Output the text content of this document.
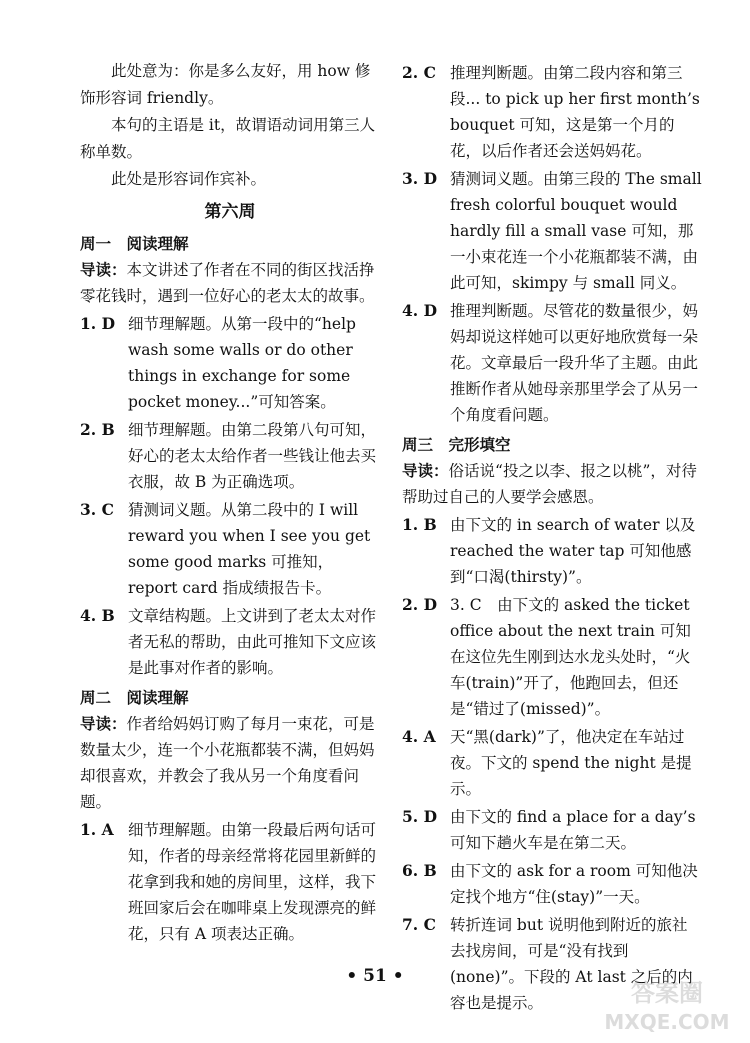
此处意为：你是多么友好，用 how 修饰形容词 friendly。

本句的主语是 it，故谓语动词用第三人称单数。

此处是形容词作宾补。

第六周
周一　阅读理解

导读：本文讲述了作者在不同的街区找活挣零花钱时，遇到一位好心的老太太的故事。

1. D 细节理解题。从第一段中的“help wash some walls or do other things in exchange for some pocket money...”可知答案。
2. B 细节理解题。由第二段第八句可知，好心的老太太给作者一些钱让他去买衣服，故 B 为正确选项。
3. C 猜测词义题。从第二段中的 I will reward you when I see you get some good marks 可推知，report card 指成绩报告卡。
4. B 文章结构题。上文讲到了老太太对作者无私的帮助，由此可推知下文应该是此事对作者的影响。
周二　阅读理解

导读：作者给妈妈订购了每月一束花，可是数量太少，连一个小花瓶都装不满，但妈妈却很喜欢，并教会了我从另一个角度看问题。

1. A 细节理解题。由第一段最后两句话可知，作者的母亲经常将花园里新鲜的花拿到我和她的房间里，这样，我下班回家后会在咖啡桌上发现漂亮的鲜花，只有 A 项表达正确。
2. C 推理判断题。由第二段内容和第三段... to pick up her first month’s bouquet 可知，这是第一个月的花，以后作者还会送妈妈花。
3. D 猜测词义题。由第三段的 The small fresh colorful bouquet would hardly fill a small vase 可知，那一小束花连一个小花瓶都装不满，由此可知，skimpy 与 small 同义。
4. D 推理判断题。尽管花的数量很少，妈妈却说这样她可以更好地欣赏每一朵花。文章最后一段升华了主题。由此推断作者从她母亲那里学会了从另一个角度看问题。
周三　完形填空

导读：俗话说“投之以李、报之以桃”，对待帮助过自己的人要学会感恩。

1. B 由下文的 in search of water 以及 reached the water tap 可知他感到“口渴(thirsty)”。
2. D 3. C　由下文的 asked the ticket office about the next train 可知在这位先生刚到达水龙头处时，“火车(train)”开了，他跑回去，但还是“错过了(missed)”。
4. A 天“黑(dark)”了，他决定在车站过夜。下文的 spend the night 是提示。
5. D 由下文的 find a place for a day’s 可知下趟火车是在第二天。
6. B 由下文的 ask for a room 可知他决定找个地方“住(stay)”一天。
7. C 转折连词 but 说明他到附近的旅社去找房间，可是“没有找到(none)”。下段的 At last 之后的内容也是提示。
• 51 •
答案圈
MXQE.COM
